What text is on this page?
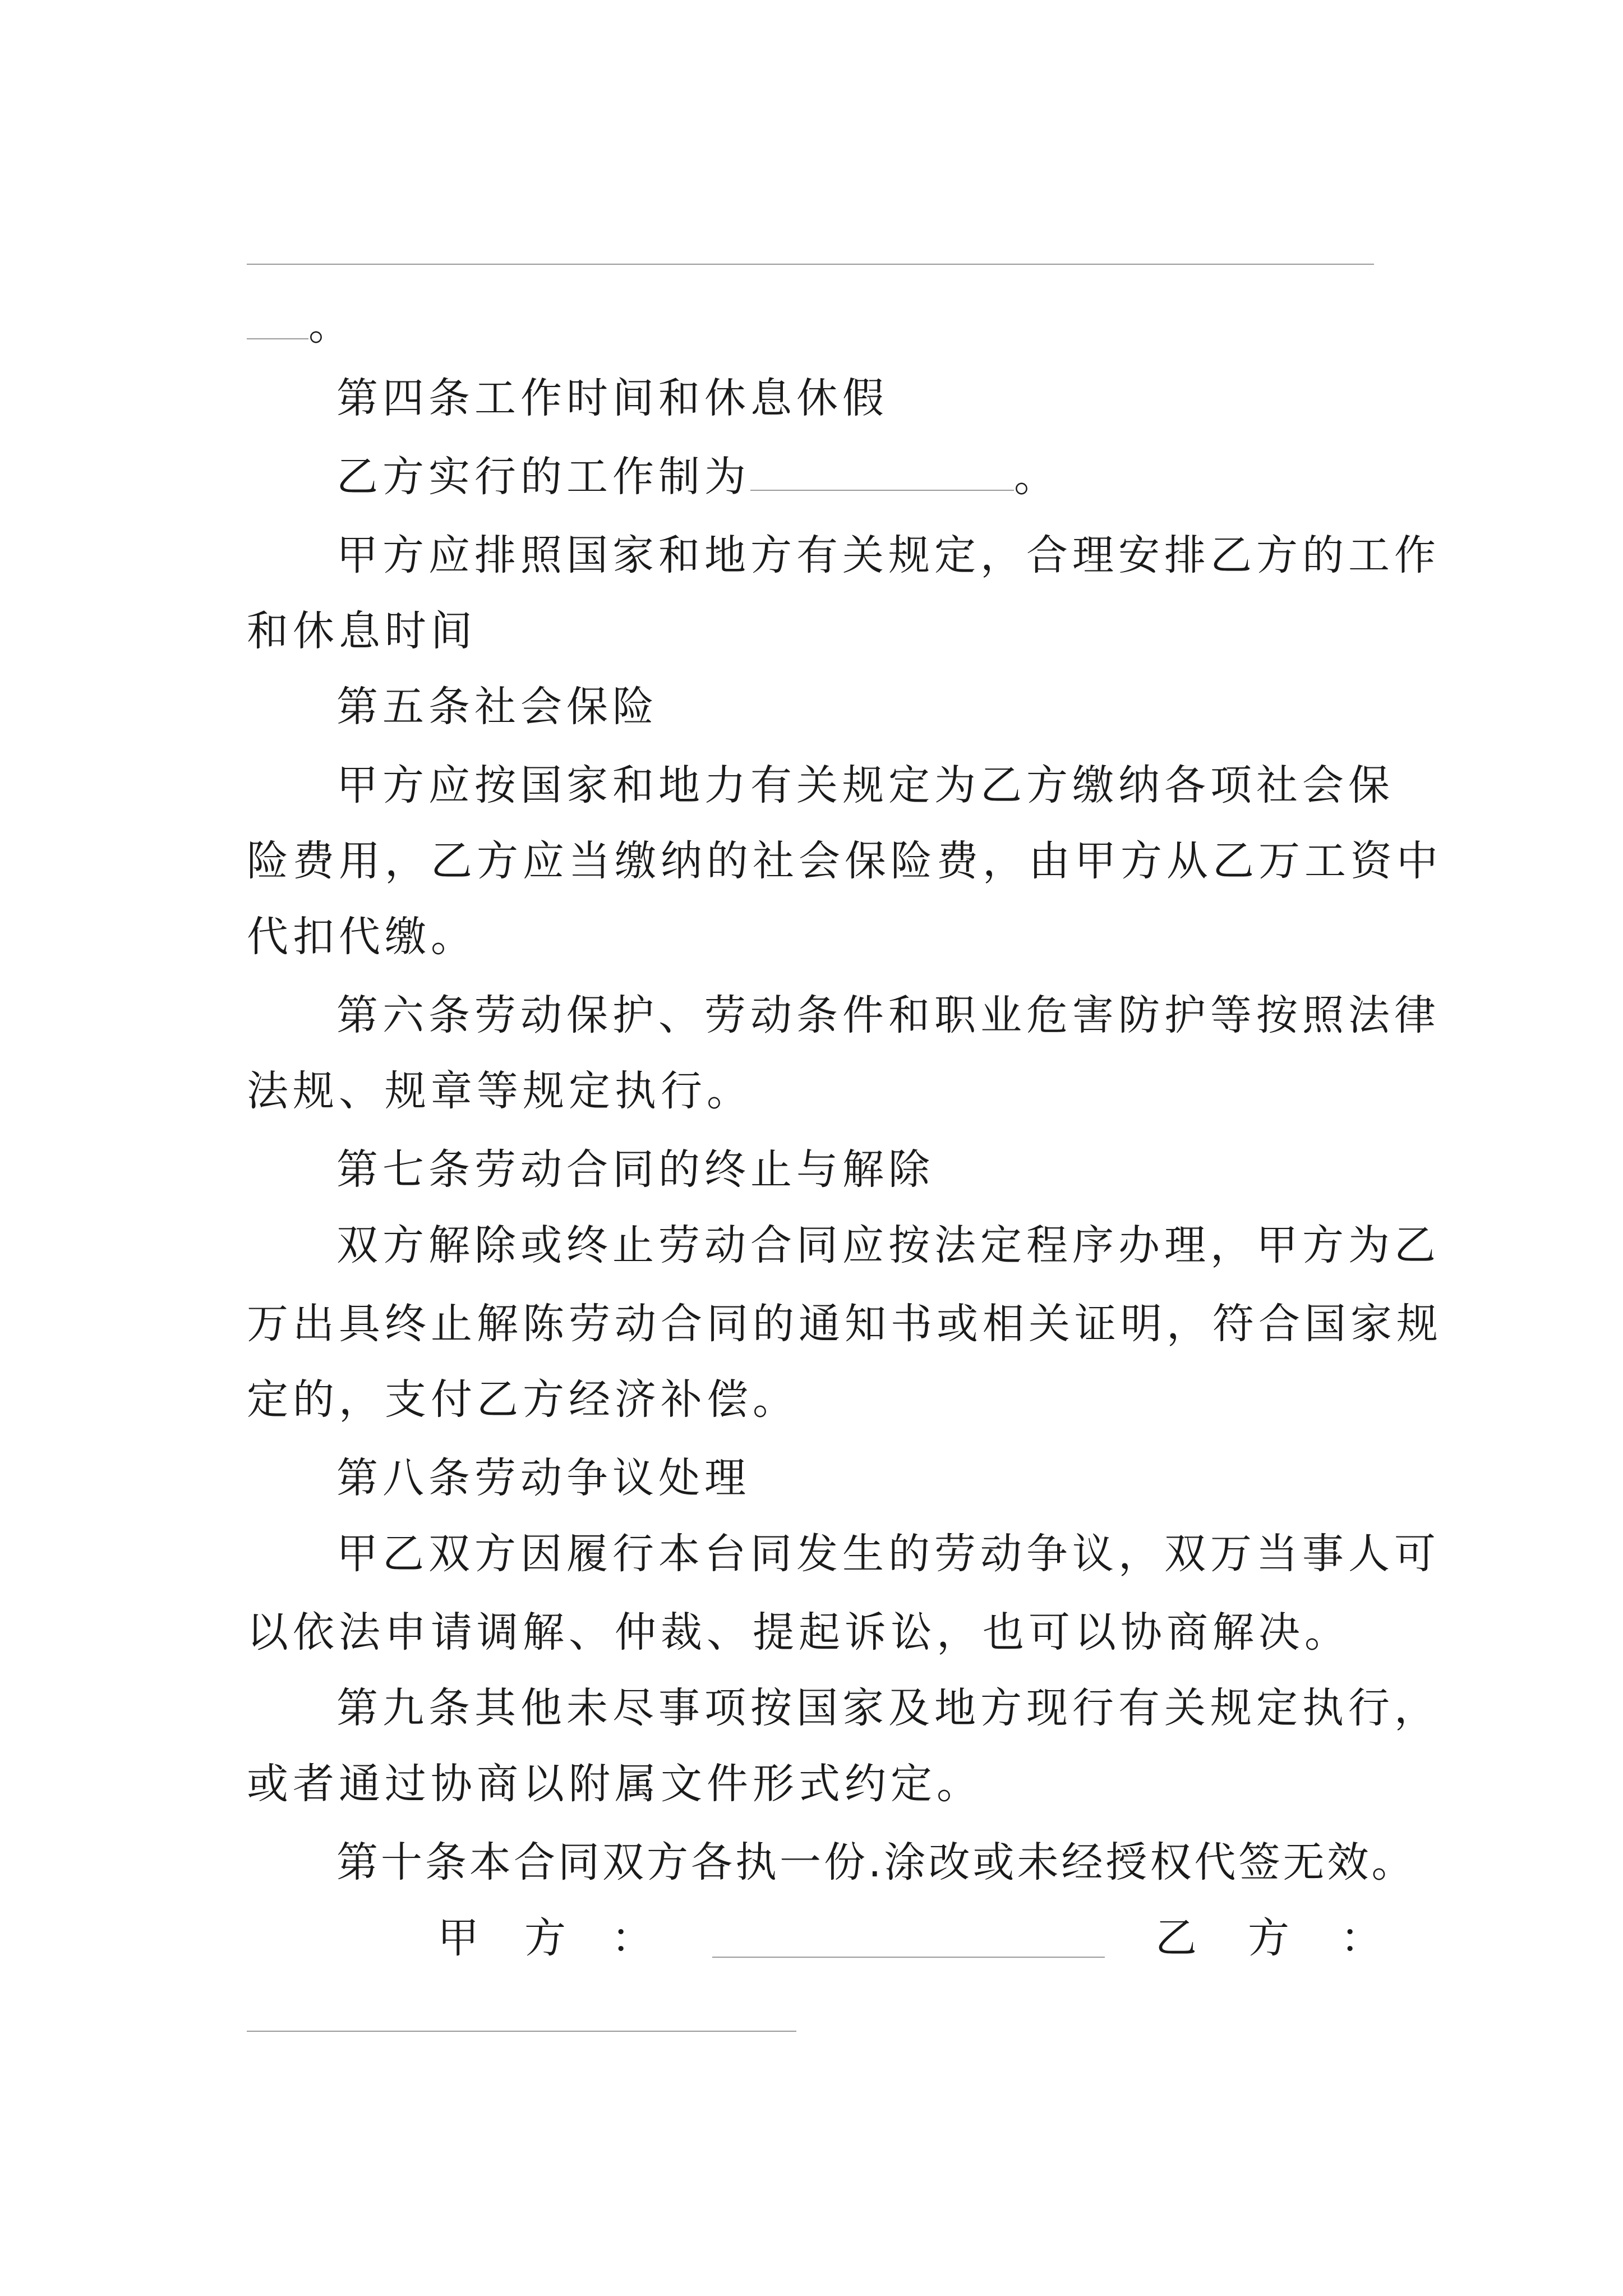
。
第四条工作时间和休息休假
乙方实行的工作制为	。
甲方应排照国家和地方有关规定，合理安排乙方的工作
和休息时间
第五条社会保险
甲方应按国家和地力有关规定为乙方缴纳各项社会保
险费用，乙方应当缴纳的社会保险费，由甲方从乙万工资中
代扣代缴。
第六条劳动保护、劳动条件和职业危害防护等按照法律
法规、规章等规定执行。
第七条劳动合同的终止与解除
双方解除或终止劳动合同应按法定程序办理，甲方为乙
万出具终止解陈劳动合同的通知书或相关证明，符合国家规
定的，支付乙方经济补偿。
第八条劳动争议处理
甲乙双方因履行本台同发生的劳动争议，双万当事人可
以依法申请调解、仲裁、提起诉讼，也可以协商解决。
第九条其他未尽事项按国家及地方现行有关规定执行，
或者通过协商以附属文件形式约定。
第十条本合同双方各执一份.涂改或未经授权代签无效。
甲 方 ：	乙 方 ：
